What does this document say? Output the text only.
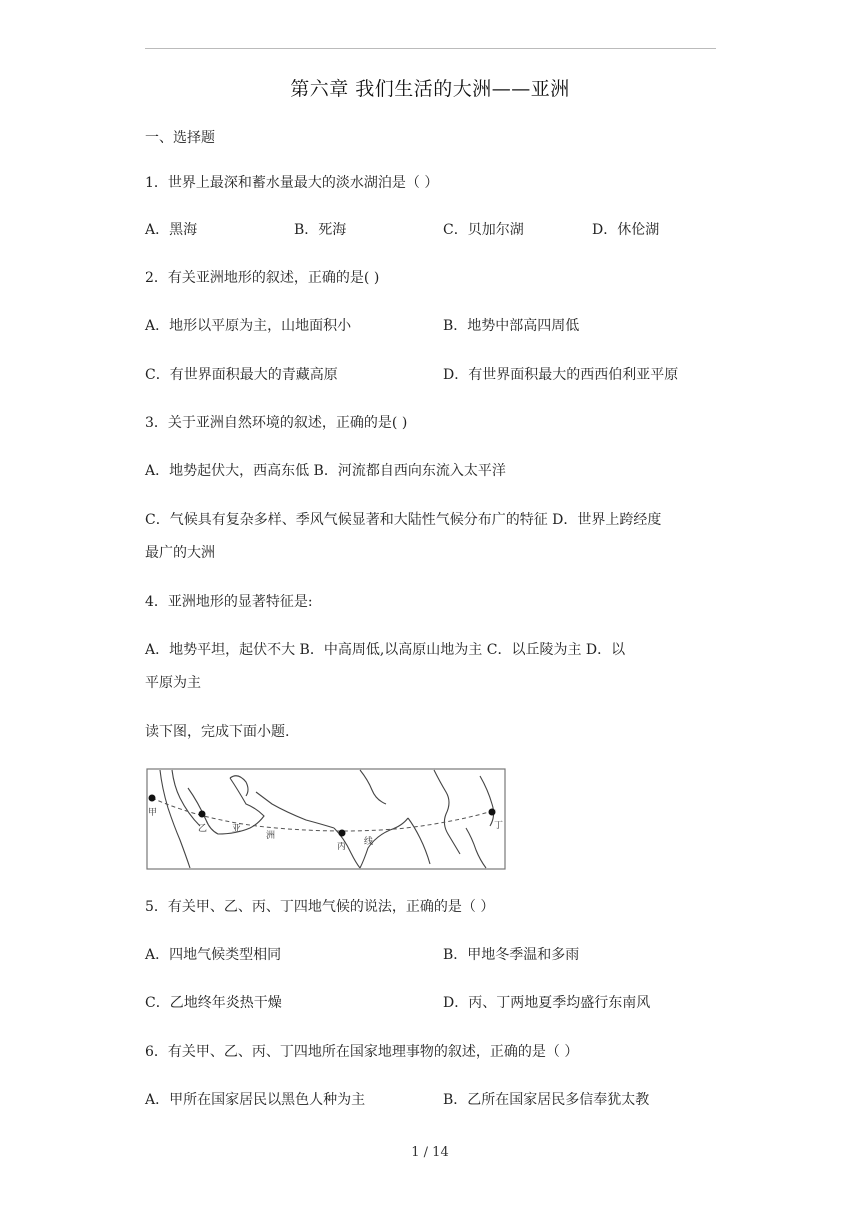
第六章 我们生活的大洲——亚洲
一、选择题
1．世界上最深和蓄水量最大的淡水湖泊是（ ）
A．黑海	B．死海	C．贝加尔湖	D．休伦湖
2．有关亚洲地形的叙述，正确的是( )
A．地形以平原为主，山地面积小	B．地势中部高四周低
C．有世界面积最大的青藏高原	D．有世界面积最大的西西伯利亚平原
3．关于亚洲自然环境的叙述，正确的是( )
A．地势起伏大，西高东低 B．河流都自西向东流入太平洋
C．气候具有复杂多样、季风气候显著和大陆性气候分布广的特征 D．世界上跨经度
最广的大洲
4．亚洲地形的显著特征是:
A．地势平坦，起伏不大 B．中高周低,以高原山地为主 C．以丘陵为主 D．以
平原为主
读下图，完成下面小题.
甲
乙	亚
洲
丙 线
丁
5．有关甲、乙、丙、丁四地气候的说法，正确的是（ ）
A．四地气候类型相同	B．甲地冬季温和多雨
C．乙地终年炎热干燥	D．丙、丁两地夏季均盛行东南风
6．有关甲、乙、丙、丁四地所在国家地理事物的叙述，正确的是（ ）
A．甲所在国家居民以黑色人种为主	B．乙所在国家居民多信奉犹太教
1 / 14
